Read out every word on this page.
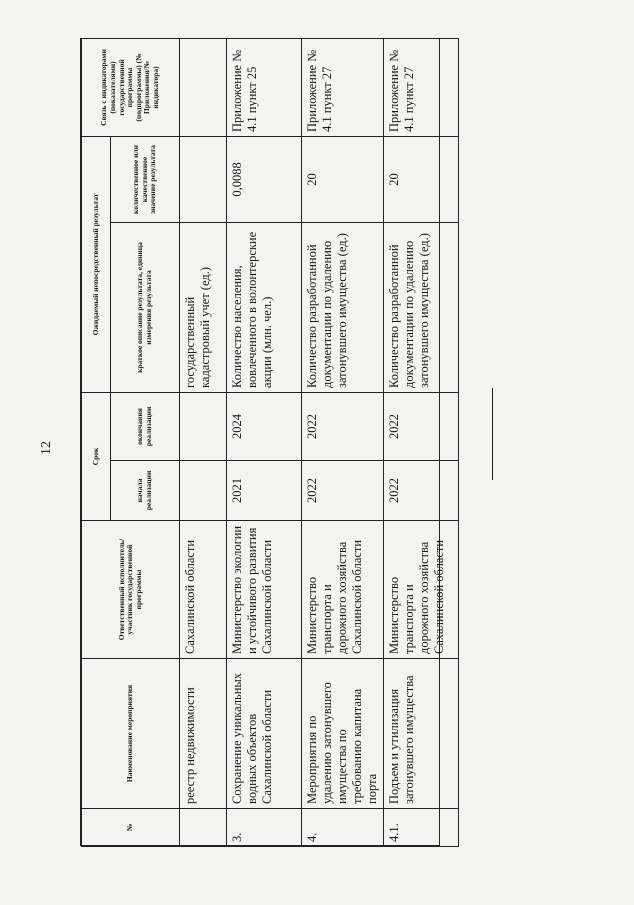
12
№	Наименование мероприятия	Ответственный исполнитель/участник государственной программы	Срок		Ожидаемый непосредственный результат		Связь с индикаторами (показателями) государственной программы (подпрограммы) (№ Приложения/№ индикатора)
			начала реализации	окончания реализации	краткое описание результата, единица измерения результата	количественное или качественное значение результата	
	реестр недвижимости	Сахалинской области			государственный кадастровый учет (ед.)		
3.	Сохранение уникальных водных объектов Сахалинской области	Министерство экологии и устойчивого развития Сахалинской области	2021	2024	Количество населения, вовлеченного в волонтерские акции (млн. чел.)	0,0088	Приложение № 4.1 пункт 25
4.	Мероприятия по удалению затонувшего имущества по требованию капитана порта	Министерство транспорта и дорожного хозяйства Сахалинской области	2022	2022	Количество разработанной документации по удалению затонувшего имущества (ед.)	20	Приложение № 4.1 пункт 27
4.1.	Подъем и утилизация затонувшего имущества	Министерство транспорта и дорожного хозяйства Сахалинской области	2022	2022	Количество разработанной документации по удалению затонувшего имущества (ед.)	20	Приложение № 4.1 пункт 27
